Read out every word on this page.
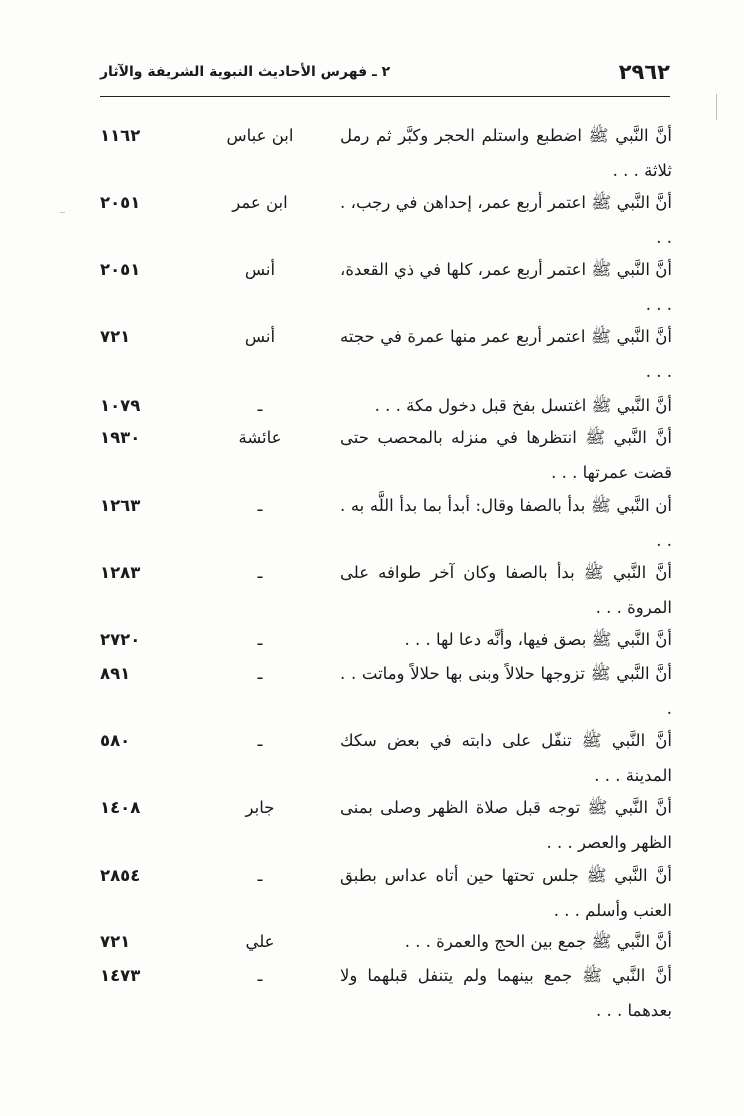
٢٩٦٢
٢ ـ فهرس الأحاديث النبوية الشريفة والآثار

أنَّ النَّبي ﷺ اضطبع واستلم الحجر وكبَّر ثم رمل ثلاثة . . .

ابن عباس
١١٦٢

أنَّ النَّبي ﷺ اعتمر أربع عمر، إحداهن في رجب، . . .

ابن عمر
٢٠٥١

أنَّ النَّبي ﷺ اعتمر أربع عمر، كلها في ذي القعدة، . . .

أنس
٢٠٥١

أنَّ النَّبي ﷺ اعتمر أربع عمر منها عمرة في حجته . . .

أنس
٧٢١

أنَّ النَّبي ﷺ اغتسل بفخ قبل دخول مكة . . .

ـ
١٠٧٩

أنَّ النَّبي ﷺ انتظرها في منزله بالمحصب حتى قضت عمرتها . . .

عائشة
١٩٣٠

أن النَّبي ﷺ بدأ بالصفا وقال: أبدأ بما بدأ اللَّه به . . .

ـ
١٢٦٣

أنَّ النَّبي ﷺ بدأ بالصفا وكان آخر طوافه على المروة . . .

ـ
١٢٨٣

أنَّ النَّبي ﷺ بصق فيها، وأنَّه دعا لها . . .

ـ
٢٧٢٠

أنَّ النَّبي ﷺ تزوجها حلالاً وبنى بها حلالاً وماتت . . .

ـ
٨٩١

أنَّ النَّبي ﷺ تنفّل على دابته في بعض سكك المدينة . . .

ـ
٥٨٠

أنَّ النَّبي ﷺ توجه قبل صلاة الظهر وصلى بمنى الظهر والعصر . . .

جابر
١٤٠٨

أنَّ النَّبي ﷺ جلس تحتها حين أتاه عداس بطبق العنب وأسلم . . .

ـ
٢٨٥٤

أنَّ النَّبي ﷺ جمع بين الحج والعمرة . . .

علي
٧٢١

أنَّ النَّبي ﷺ جمع بينهما ولم يتنفل قبلهما ولا بعدهما . . .

ـ
١٤٧٣
